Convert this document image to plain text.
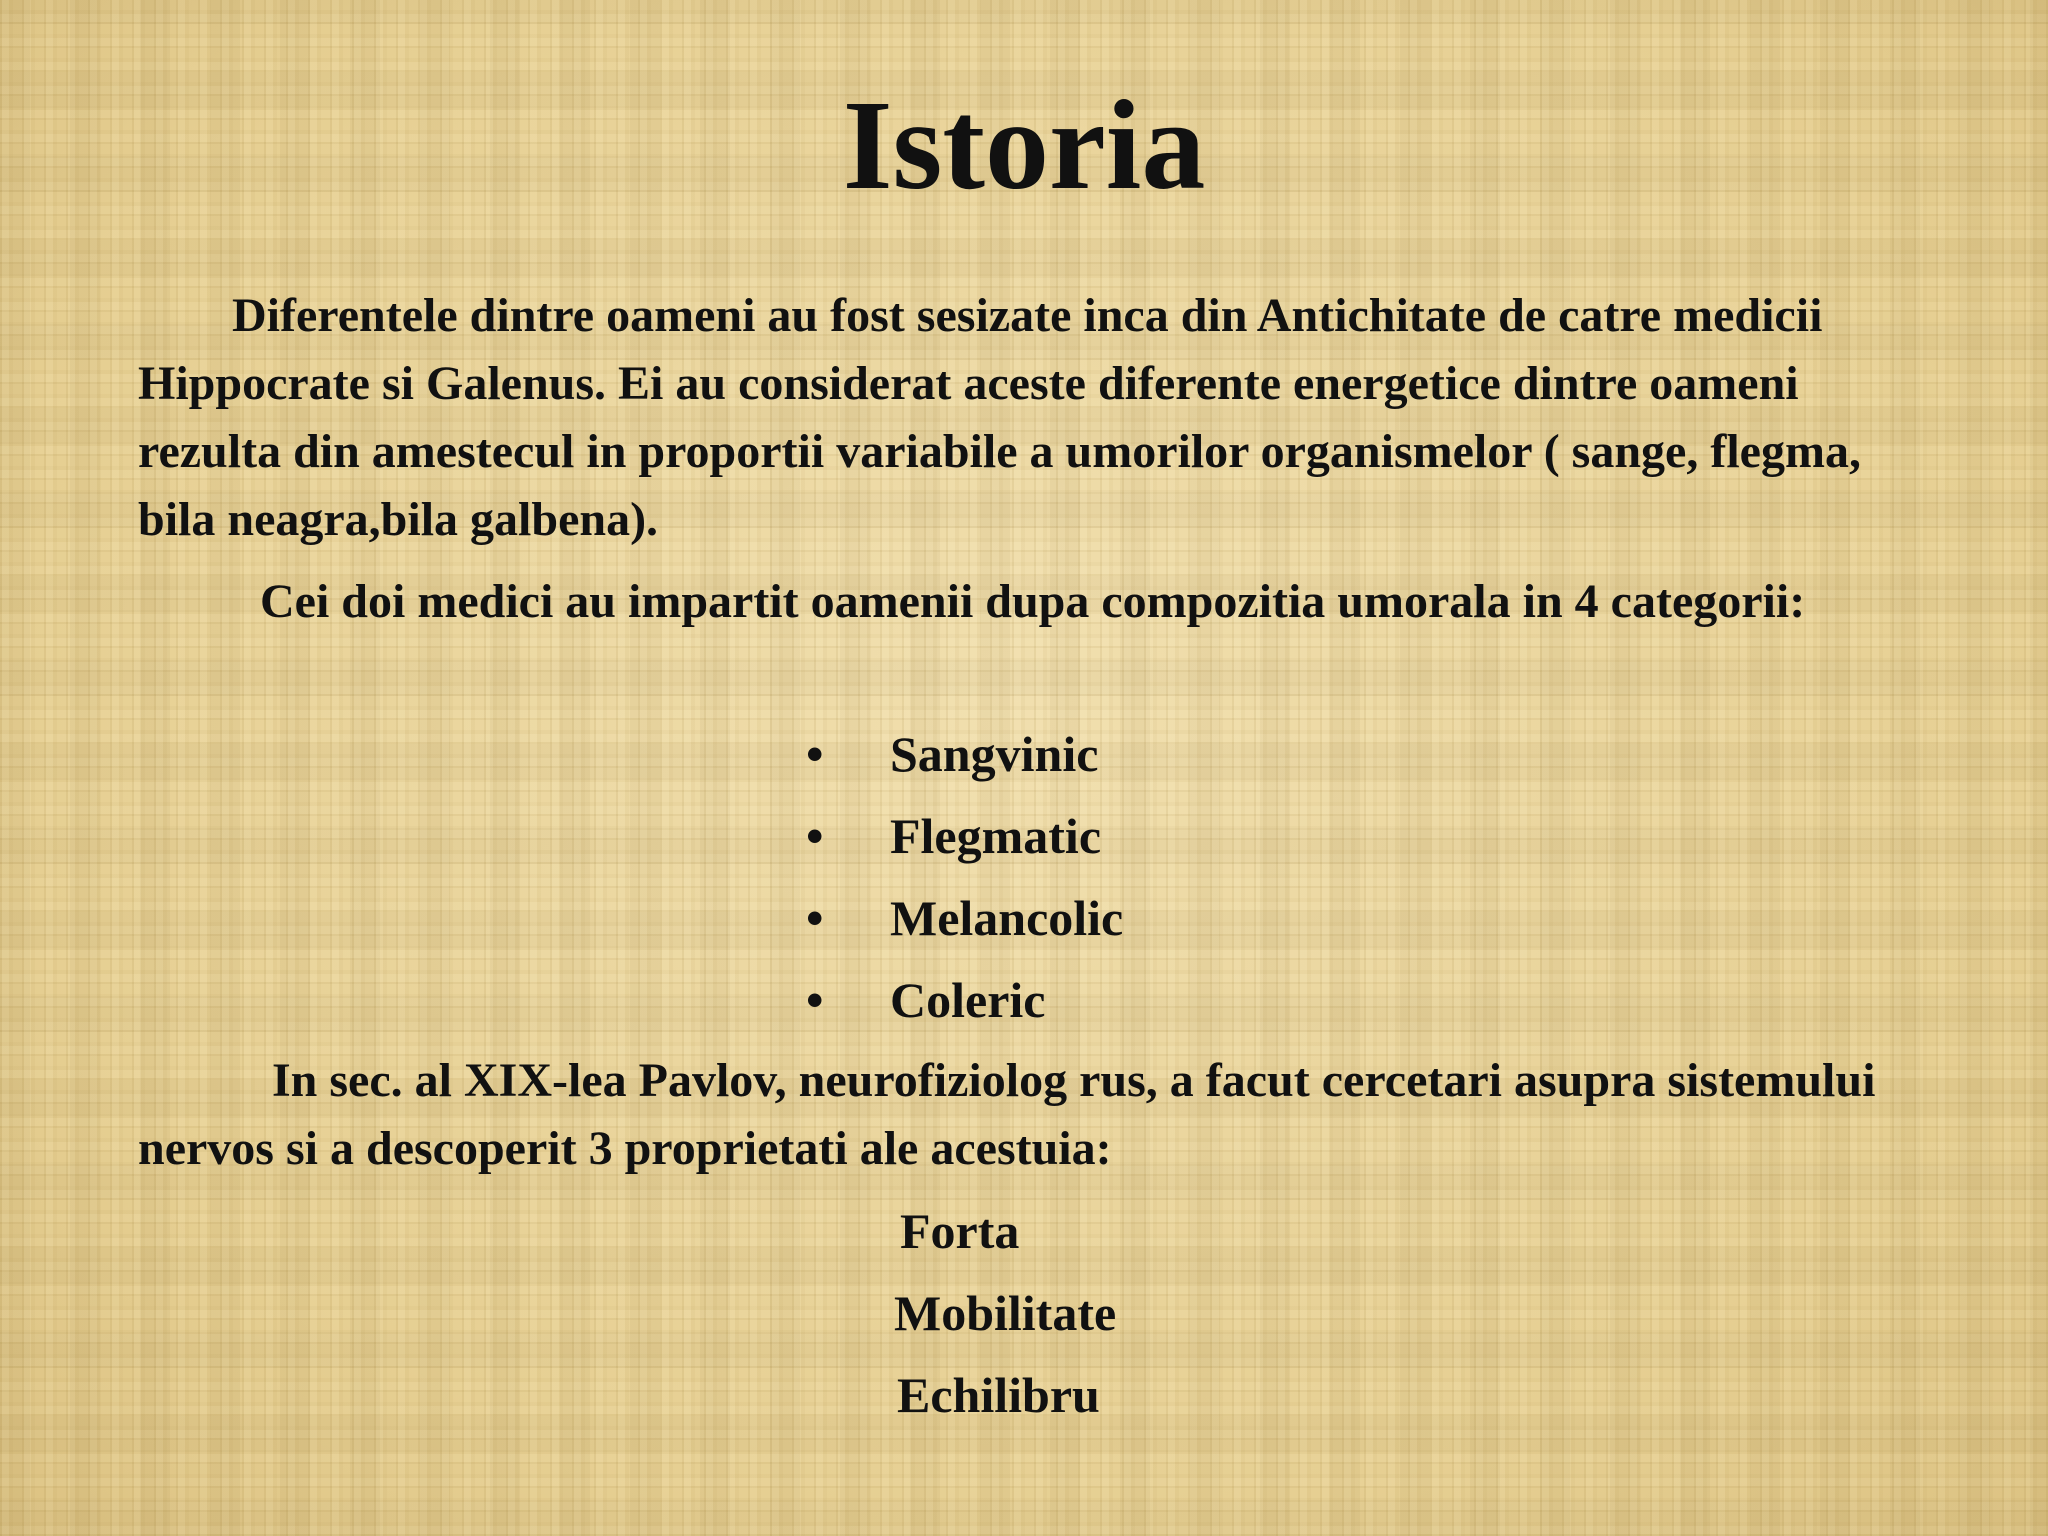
Istoria

Diferentele dintre oameni au fost sesizate inca din Antichitate de catre medicii Hippocrate si Galenus. Ei au considerat aceste diferente energetice dintre oameni rezulta din amestecul in proportii variabile a umorilor organismelor ( sange, flegma, bila neagra,bila galbena).

Cei doi medici au impartit oamenii dupa compozitia umorala in 4 categorii:

•	Sangvinic
•	Flegmatic
•	Melancolic
•	Coleric

In sec. al XIX-lea Pavlov, neurofiziolog rus, a facut cercetari asupra sistemului nervos si a descoperit 3 proprietati ale acestuia:

Forta
Mobilitate
Echilibru
